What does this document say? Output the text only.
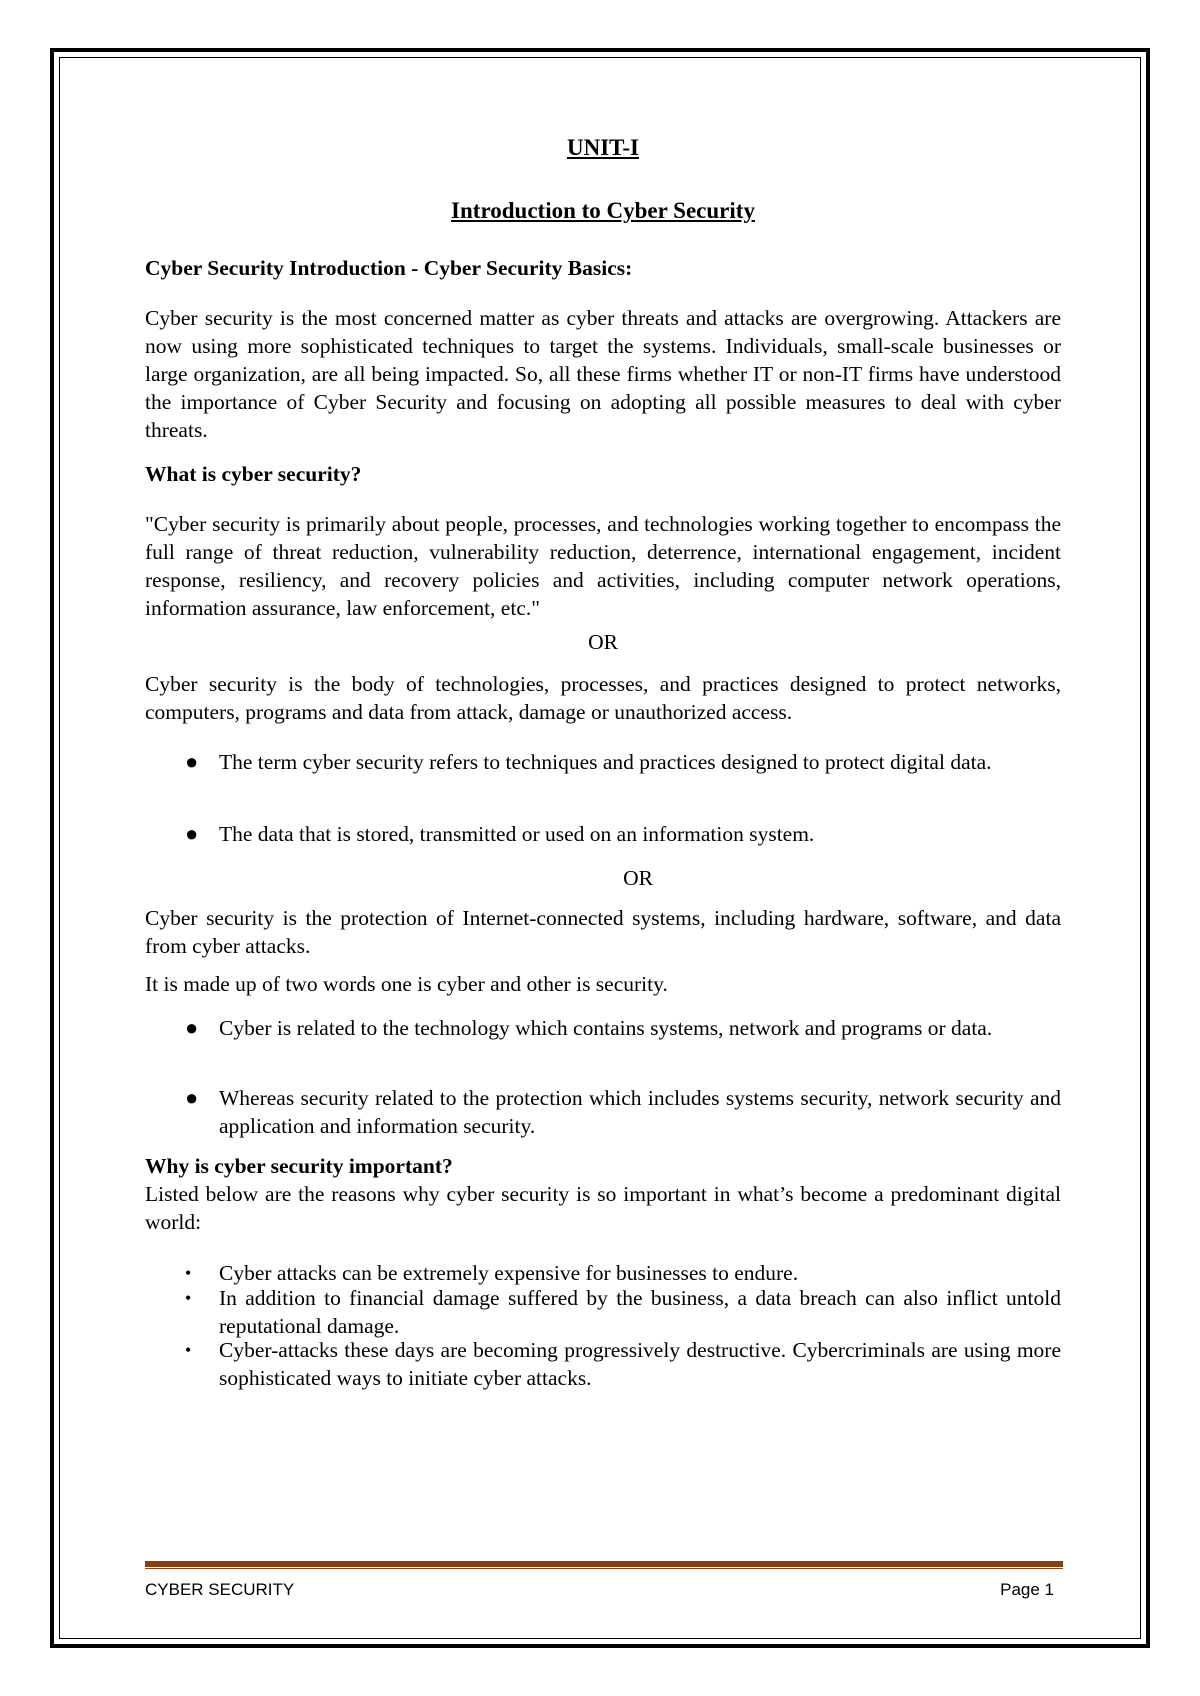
UNIT-I
Introduction to Cyber Security
Cyber Security Introduction - Cyber Security Basics:

Cyber security is the most concerned matter as cyber threats and attacks are overgrowing. Attackers are now using more sophisticated techniques to target the systems. Individuals, small-scale businesses or large organization, are all being impacted. So, all these firms whether IT or non-IT firms have understood the importance of Cyber Security and focusing on adopting all possible measures to deal with cyber threats.

What is cyber security?

"Cyber security is primarily about people, processes, and technologies working together to encompass the full range of threat reduction, vulnerability reduction, deterrence, international engagement, incident response, resiliency, and recovery policies and activities, including computer network operations, information assurance, law enforcement, etc."

OR

Cyber security is the body of technologies, processes, and practices designed to protect networks, computers, programs and data from attack, damage or unauthorized access.

● The term cyber security refers to techniques and practices designed to protect digital data.
● The data that is stored, transmitted or used on an information system.
OR

Cyber security is the protection of Internet-connected systems, including hardware, software, and data from cyber attacks.

It is made up of two words one is cyber and other is security.
● Cyber is related to the technology which contains systems, network and programs or data.
● Whereas security related to the protection which includes systems security, network security and application and information security.
Why is cyber security important?

Listed below are the reasons why cyber security is so important in what’s become a predominant digital world:

• Cyber attacks can be extremely expensive for businesses to endure.
• In addition to financial damage suffered by the business, a data breach can also inflict untold reputational damage.
• Cyber-attacks these days are becoming progressively destructive. Cybercriminals are using more sophisticated ways to initiate cyber attacks.
CYBER SECURITY	Page 1
